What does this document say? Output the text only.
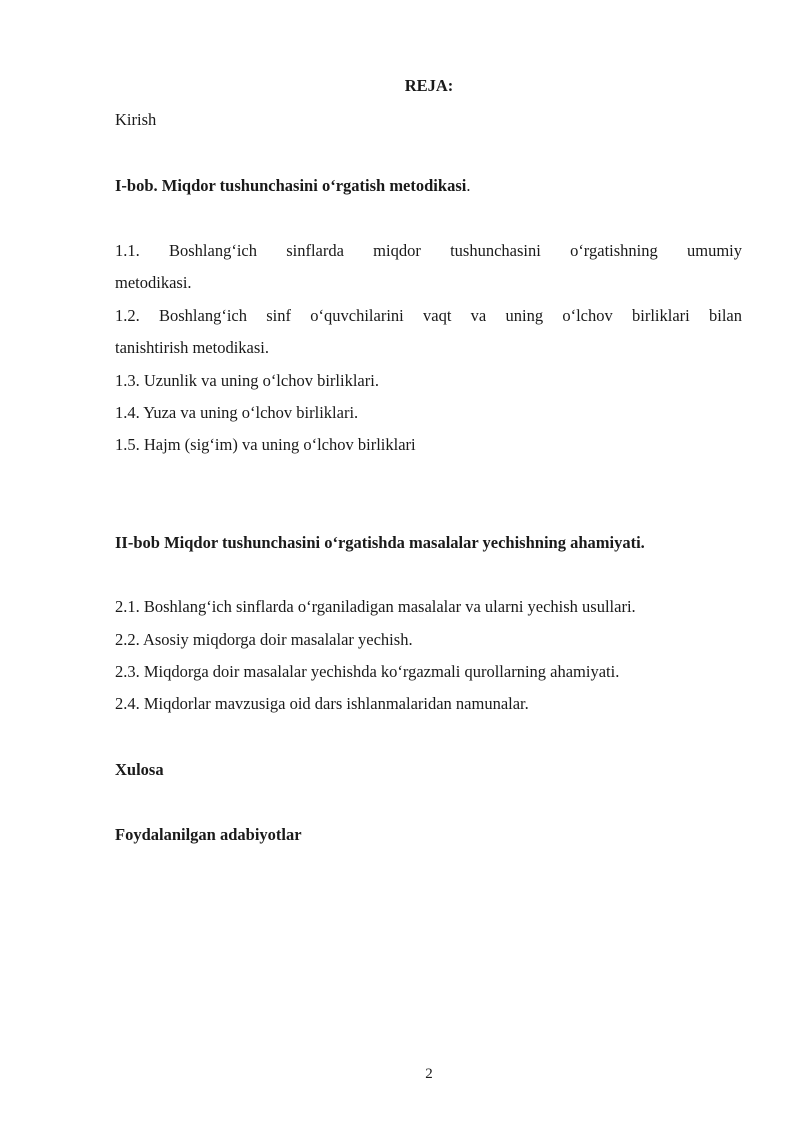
REJA:
Kirish
I-bob. Miqdor tushunchasini o‘rgatish metodikasi.
1.1. Boshlang‘ich sinflarda miqdor tushunchasini o‘rgatishning umumiy
metodikasi.
1.2. Boshlang‘ich sinf o‘quvchilarini vaqt va uning o‘lchov birliklari bilan
tanishtirish metodikasi.
1.3. Uzunlik va uning o‘lchov birliklari.
1.4. Yuza va uning o‘lchov birliklari.
1.5. Hajm (sig‘im) va uning o‘lchov birliklari
II-bob Miqdor tushunchasini o‘rgatishda masalalar yechishning ahamiyati.
2.1. Boshlang‘ich sinflarda o‘rganiladigan masalalar va ularni yechish usullari.
2.2. Asosiy miqdorga doir masalalar yechish.
2.3. Miqdorga doir masalalar yechishda ko‘rgazmali qurollarning ahamiyati.
2.4. Miqdorlar mavzusiga oid dars ishlanmalaridan namunalar.
Xulosa
Foydalanilgan adabiyotlar
2
